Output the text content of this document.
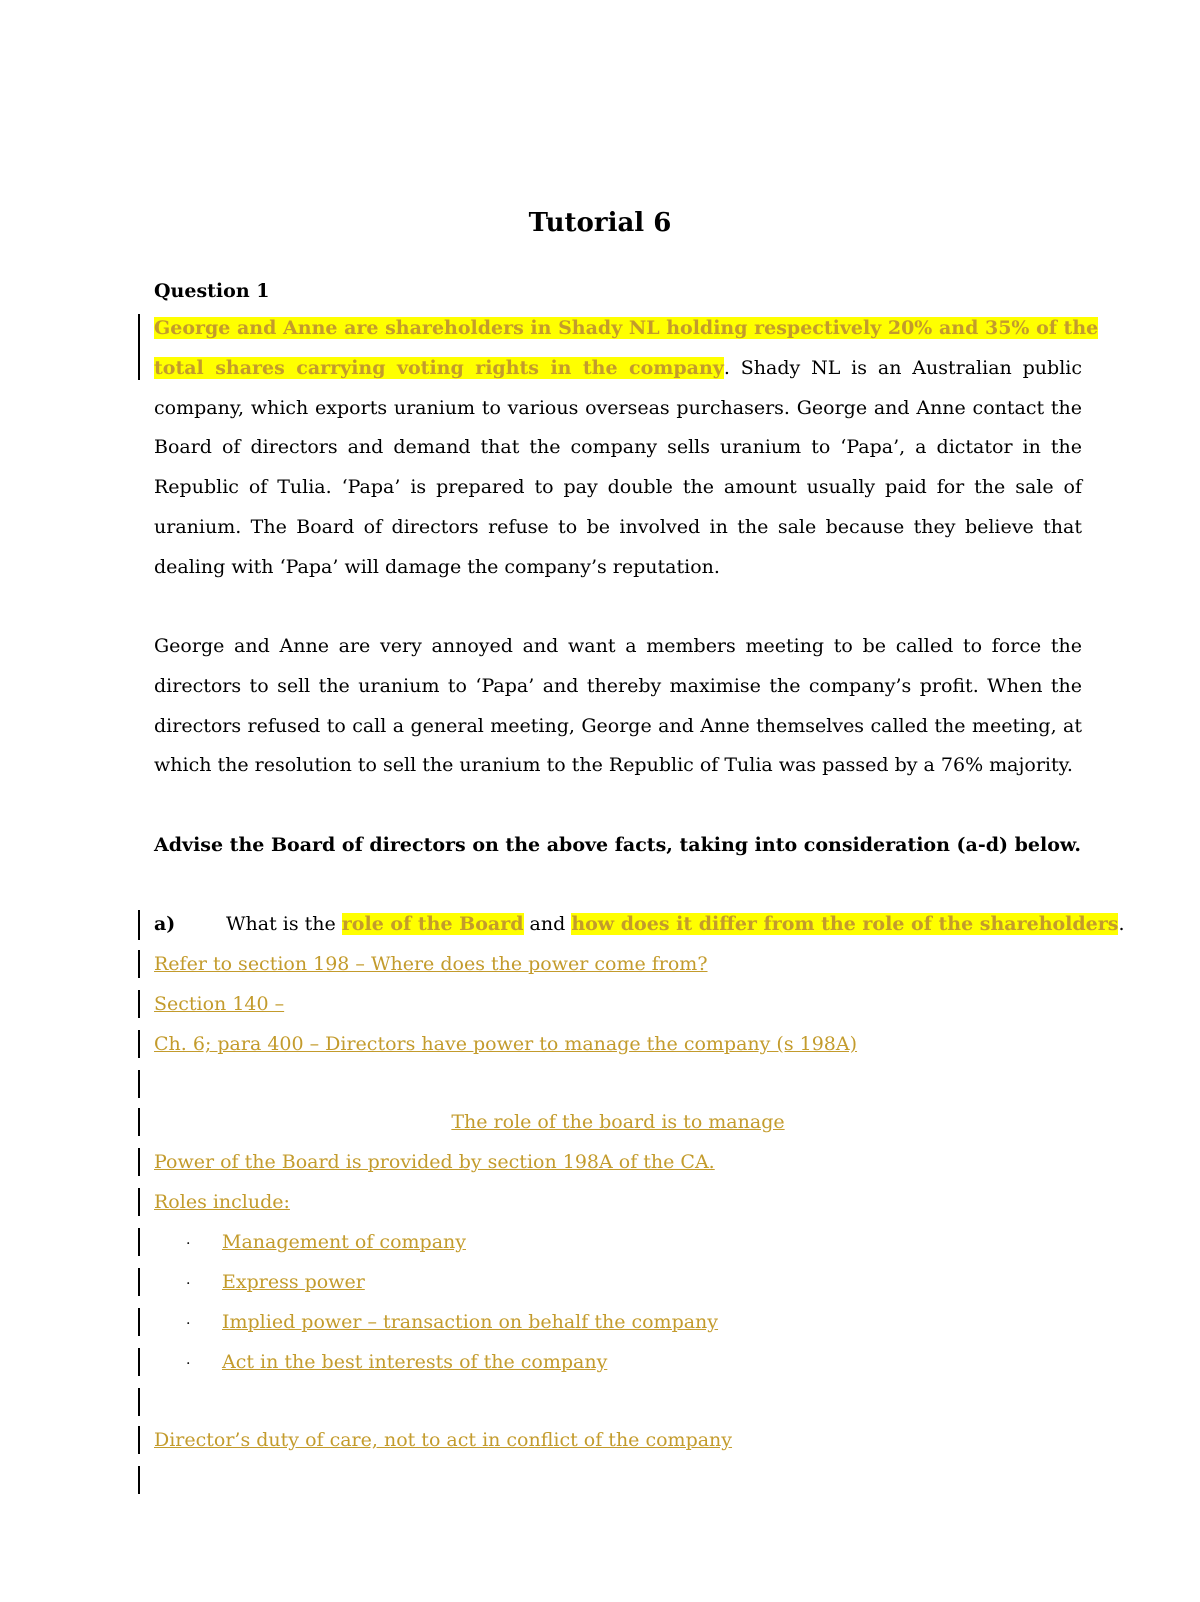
Tutorial 6
Question 1
George and Anne are shareholders in Shady NL holding respectively 20% and 35% of the
total shares carrying voting rights in the company. Shady NL is an Australian public
company, which exports uranium to various overseas purchasers. George and Anne contact the
Board of directors and demand that the company sells uranium to ‘Papa’, a dictator in the
Republic of Tulia. ‘Papa’ is prepared to pay double the amount usually paid for the sale of
uranium. The Board of directors refuse to be involved in the sale because they believe that
dealing with ‘Papa’ will damage the company’s reputation.
George and Anne are very annoyed and want a members meeting to be called to force the
directors to sell the uranium to ‘Papa’ and thereby maximise the company’s profit. When the
directors refused to call a general meeting, George and Anne themselves called the meeting, at
which the resolution to sell the uranium to the Republic of Tulia was passed by a 76% majority.
Advise the Board of directors on the above facts, taking into consideration (a-d) below.
a)	What is the role of the Board and how does it differ from the role of the shareholders.
Refer to section 198 – Where does the power come from?
Section 140 –
Ch. 6; para 400 – Directors have power to manage the company (s 198A)
The role of the board is to manage
Power of the Board is provided by section 198A of the CA.
Roles include:
. Management of company
. Express power
. Implied power – transaction on behalf the company
. Act in the best interests of the company
Director’s duty of care, not to act in conflict of the company
